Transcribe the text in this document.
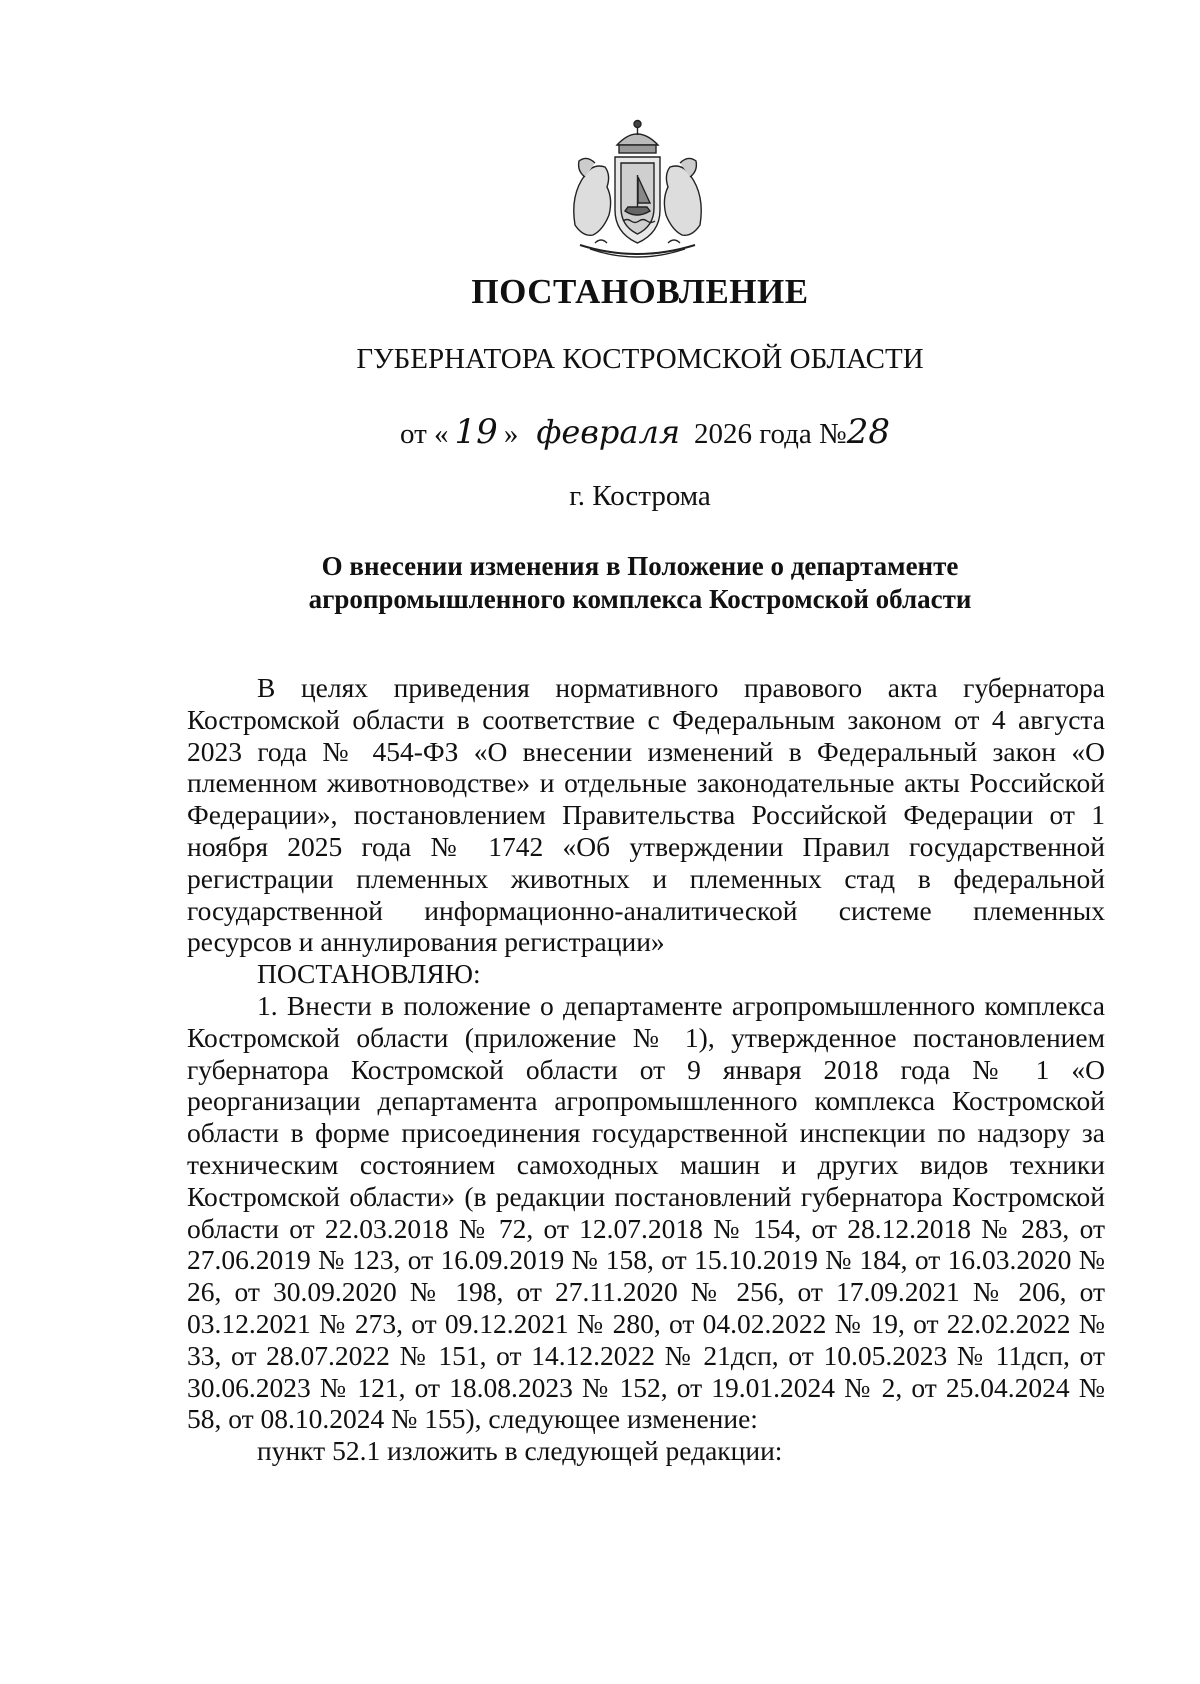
ПОСТАНОВЛЕНИЕ
ГУБЕРНАТОРА КОСТРОМСКОЙ ОБЛАСТИ
от « 19 » февраля 2026 года №28
г. Кострома
О внесении изменения в Положение о департаменте
агропромышленного комплекса Костромской области

В целях приведения нормативного правового акта губернатора Костромской области в соответствие с Федеральным законом от 4 августа 2023 года № 454-ФЗ «О внесении изменений в Федеральный закон «О племенном животноводстве» и отдельные законодательные акты Российской Федерации», постановлением Правительства Российской Федерации от 1 ноября 2025 года № 1742 «Об утверждении Правил государственной регистрации племенных животных и племенных стад в федеральной государственной информационно-аналитической системе племенных ресурсов и аннулирования регистрации»

ПОСТАНОВЛЯЮ:

1. Внести в положение о департаменте агропромышленного комплекса Костромской области (приложение № 1), утвержденное постановлением губернатора Костромской области от 9 января 2018 года № 1 «О реорганизации департамента агропромышленного комплекса Костромской области в форме присоединения государственной инспекции по надзору за техническим состоянием самоходных машин и других видов техники Костромской области» (в редакции постановлений губернатора Костромской области от 22.03.2018 № 72, от 12.07.2018 № 154, от 28.12.2018 № 283, от 27.06.2019 № 123, от 16.09.2019 № 158, от 15.10.2019 № 184, от 16.03.2020 № 26, от 30.09.2020 № 198, от 27.11.2020 № 256, от 17.09.2021 № 206, от 03.12.2021 № 273, от 09.12.2021 № 280, от 04.02.2022 № 19, от 22.02.2022 № 33, от 28.07.2022 № 151, от 14.12.2022 № 21дсп, от 10.05.2023 № 11дсп, от 30.06.2023 № 121, от 18.08.2023 № 152, от 19.01.2024 № 2, от 25.04.2024 № 58, от 08.10.2024 № 155), следующее изменение:

пункт 52.1 изложить в следующей редакции:
